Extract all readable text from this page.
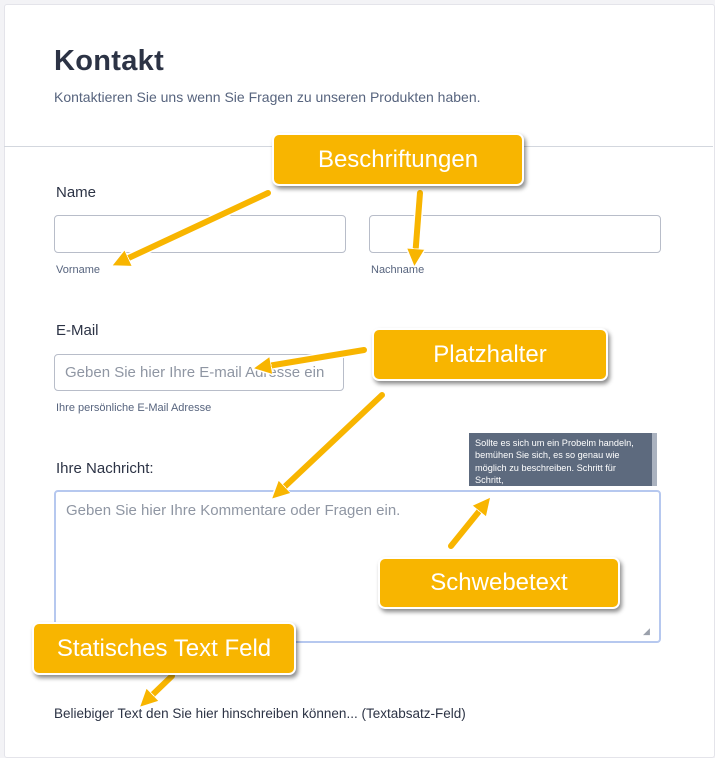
Kontakt
Kontaktieren Sie uns wenn Sie Fragen zu unseren Produkten haben.
Name
Vorname	Nachname
E-Mail
Geben Sie hier Ihre E-mail Adresse ein
Ihre persönliche E-Mail Adresse
Ihre Nachricht:
Geben Sie hier Ihre Kommentare oder Fragen ein.
◢
Sollte es sich um ein Probelm handeln, bemühen Sie sich, es so genau wie möglich zu beschreiben. Schritt für Schritt,
Beliebiger Text den Sie hier hinschreiben können... (Textabsatz-Feld)
Beschriftungen
Platzhalter
Schwebetext
Statisches Text Feld
